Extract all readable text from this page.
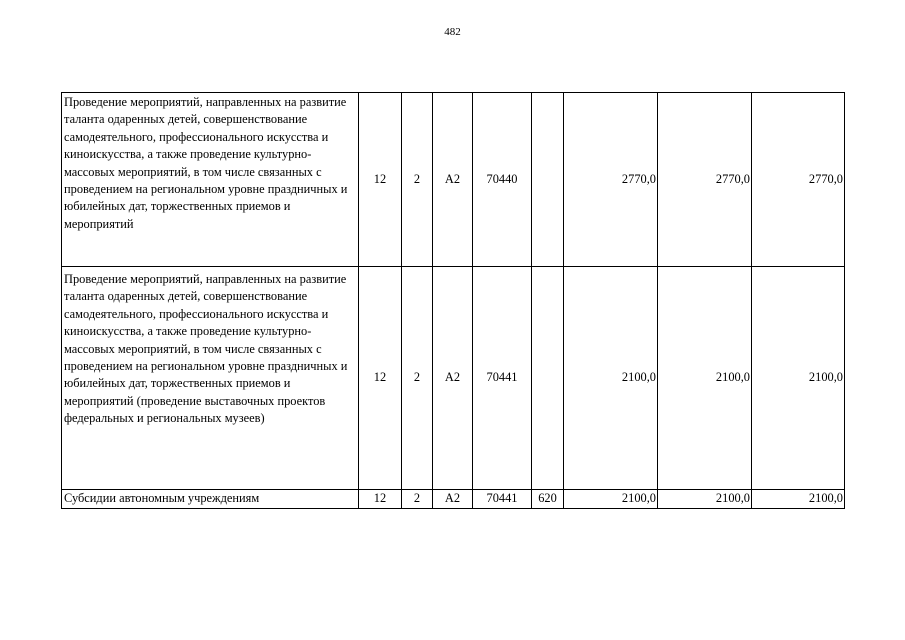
482
Проведение мероприятий, направленных на развитие таланта одаренных детей, совершенствование самодеятельного, профессионального искусства и киноискусства, а также проведение культурно-массовых мероприятий, в том числе связанных с проведением на региональном уровне праздничных и юбилейных дат, торжественных приемов и мероприятий	12	2	А2	70440		2770,0	2770,0	2770,0
Проведение мероприятий, направленных на развитие таланта одаренных детей, совершенствование самодеятельного, профессионального искусства и киноискусства, а также проведение культурно-массовых мероприятий, в том числе связанных с проведением на региональном уровне праздничных и юбилейных дат, торжественных приемов и мероприятий (проведение выставочных проектов федеральных и региональных музеев)	12	2	А2	70441		2100,0	2100,0	2100,0
Субсидии автономным учреждениям	12	2	А2	70441	620	2100,0	2100,0	2100,0
